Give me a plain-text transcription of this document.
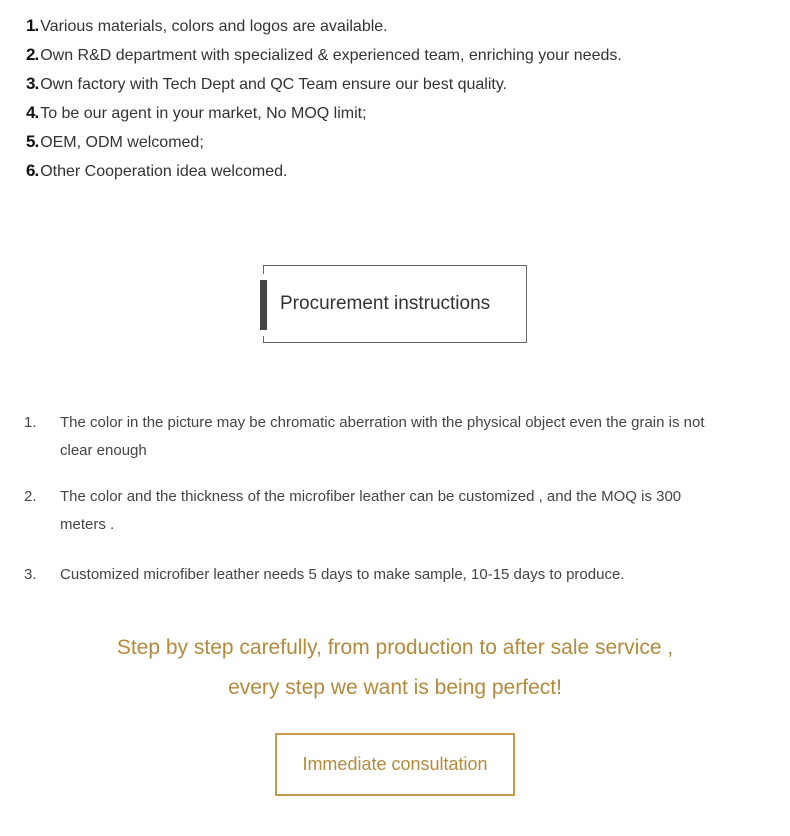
1. Various materials, colors and logos are available.
2. Own R&D department with specialized & experienced team, enriching your needs.
3. Own factory with Tech Dept and QC Team ensure our best quality.
4. To be our agent in your market, No MOQ limit;
5. OEM, ODM welcomed;
6. Other Cooperation idea welcomed.
Procurement instructions
1.	The color in the picture may be chromatic aberration with the physical object even the grain is not clear enough
2.	The color and the thickness of the microfiber leather can be customized , and the MOQ is 300 meters .
3.	Customized microfiber leather needs 5 days to make sample, 10-15 days to produce.
Step by step carefully, from production to after sale service ,
every step we want is being perfect!
Immediate consultation
